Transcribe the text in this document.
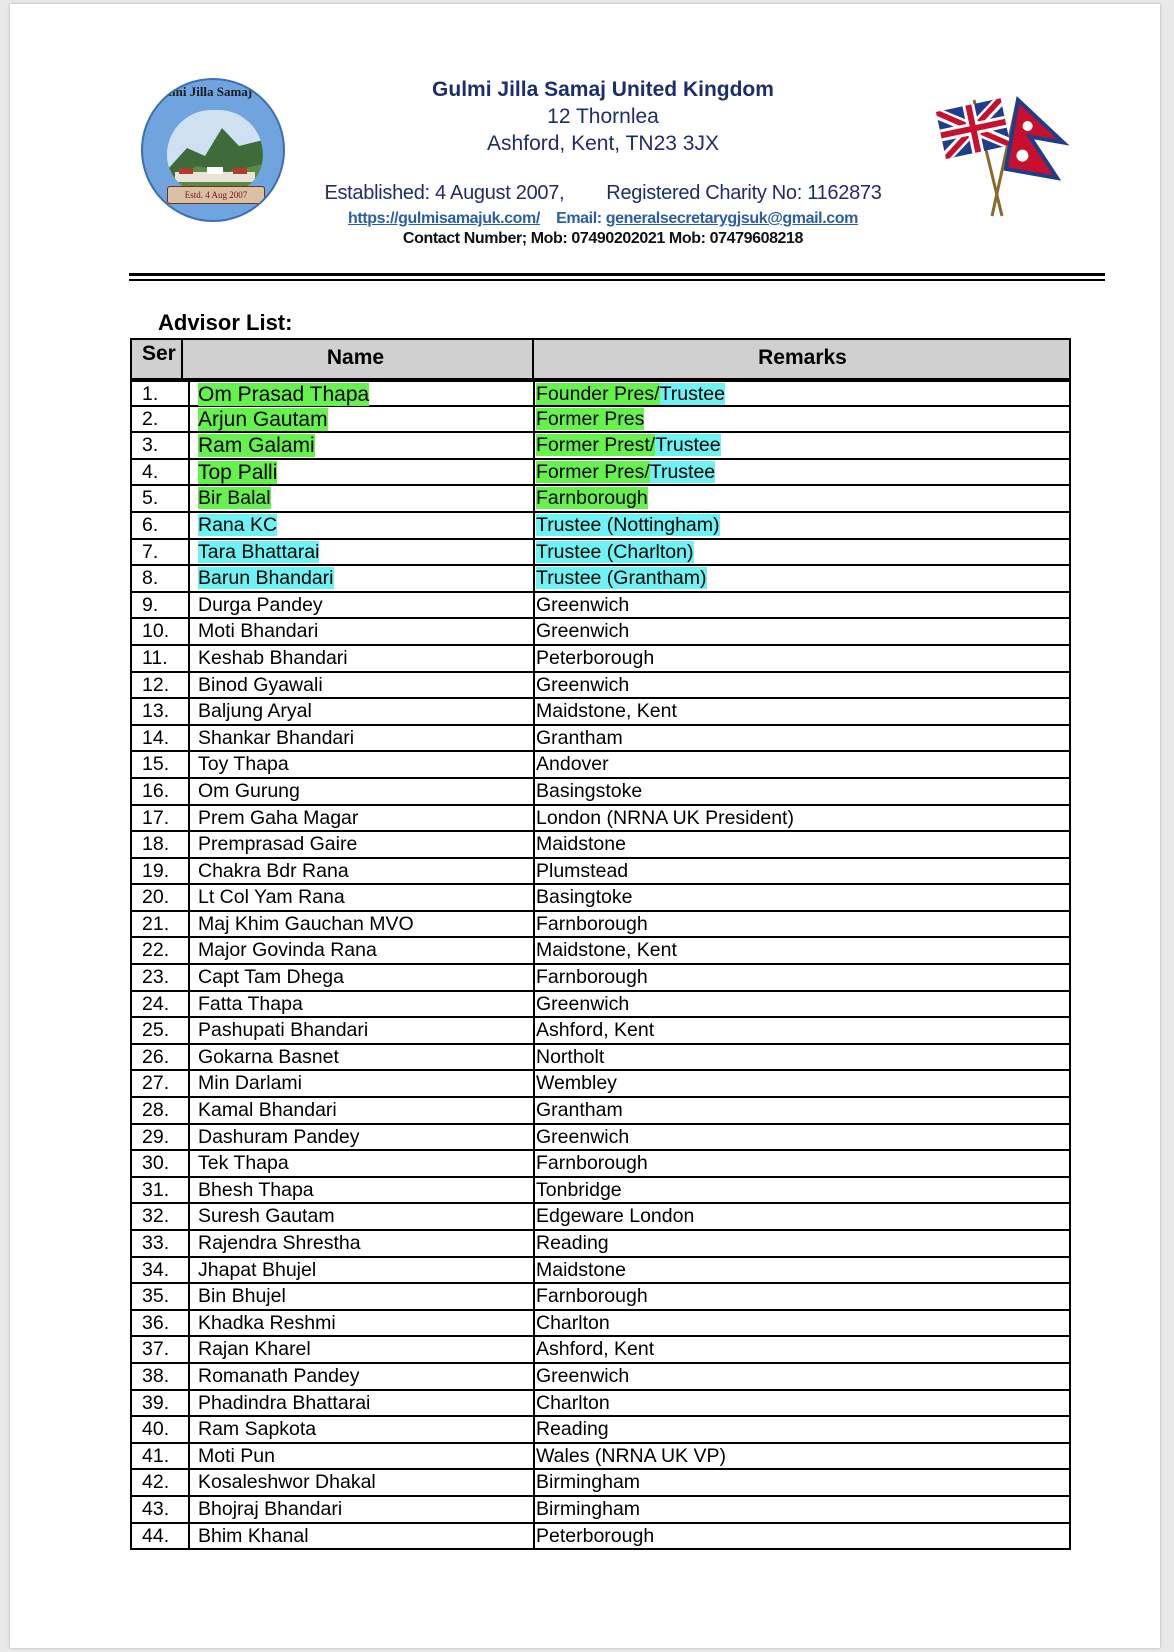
Gulmi Jilla Samaj UK
Estd. 4 Aug 2007
Gulmi Jilla Samaj United Kingdom
12 Thornlea
Ashford, Kent, TN23 3JX
Established: 4 August 2007, Registered Charity No: 1162873
https://gulmisamajuk.com/ Email: generalsecretarygjsuk@gmail.com
Contact Number; Mob: 07490202021 Mob: 07479608218
Advisor List:
Ser	Name	Remarks
1.	Om Prasad Thapa	Founder Pres/Trustee
2.	Arjun Gautam	Former Pres
3.	Ram Galami	Former Prest/Trustee
4.	Top Palli	Former Pres/Trustee
5.	Bir Balal	Farnborough
6.	Rana KC	Trustee (Nottingham)
7.	Tara Bhattarai	Trustee (Charlton)
8.	Barun Bhandari	Trustee (Grantham)
9.	Durga Pandey	Greenwich
10.	Moti Bhandari	Greenwich
11.	Keshab Bhandari	Peterborough
12.	Binod Gyawali	Greenwich
13.	Baljung Aryal	Maidstone, Kent
14.	Shankar Bhandari	Grantham
15.	Toy Thapa	Andover
16.	Om Gurung	Basingstoke
17.	Prem Gaha Magar	London (NRNA UK President)
18.	Premprasad Gaire	Maidstone
19.	Chakra Bdr Rana	Plumstead
20.	Lt Col Yam Rana	Basingtoke
21.	Maj Khim Gauchan MVO	Farnborough
22.	Major Govinda Rana	Maidstone, Kent
23.	Capt Tam Dhega	Farnborough
24.	Fatta Thapa	Greenwich
25.	Pashupati Bhandari	Ashford, Kent
26.	Gokarna Basnet	Northolt
27.	Min Darlami	Wembley
28.	Kamal Bhandari	Grantham
29.	Dashuram Pandey	Greenwich
30.	Tek Thapa	Farnborough
31.	Bhesh Thapa	Tonbridge
32.	Suresh Gautam	Edgeware London
33.	Rajendra Shrestha	Reading
34.	Jhapat Bhujel	Maidstone
35.	Bin Bhujel	Farnborough
36.	Khadka Reshmi	Charlton
37.	Rajan Kharel	Ashford, Kent
38.	Romanath Pandey	Greenwich
39.	Phadindra Bhattarai	Charlton
40.	Ram Sapkota	Reading
41.	Moti Pun	Wales (NRNA UK VP)
42.	Kosaleshwor Dhakal	Birmingham
43.	Bhojraj Bhandari	Birmingham
44.	Bhim Khanal	Peterborough
